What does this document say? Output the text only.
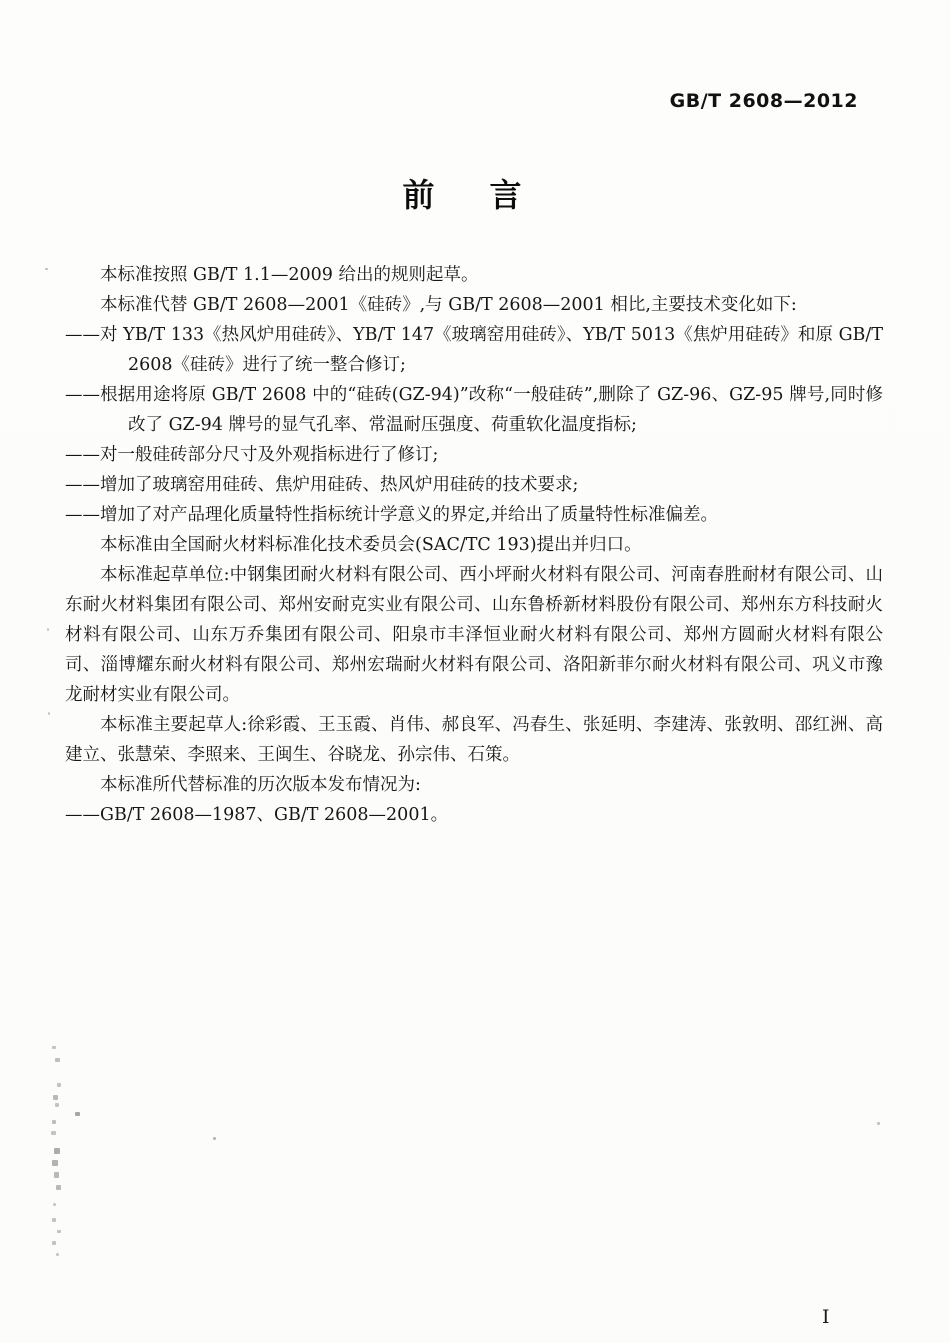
GB/T 2608—2012
前 言
本标准按照 GB/T 1.1—2009 给出的规则起草。
本标准代替 GB/T 2608—2001《硅砖》,与 GB/T 2608—2001 相比,主要技术变化如下:
——对 YB/T 133《热风炉用硅砖》、YB/T 147《玻璃窑用硅砖》、YB/T 5013《焦炉用硅砖》和原 GB/T 2608《硅砖》进行了统一整合修订;
——根据用途将原 GB/T 2608 中的“硅砖(GZ-94)”改称“一般硅砖”,删除了 GZ-96、GZ-95 牌号,同时修改了 GZ-94 牌号的显气孔率、常温耐压强度、荷重软化温度指标;
——对一般硅砖部分尺寸及外观指标进行了修订;
——增加了玻璃窑用硅砖、焦炉用硅砖、热风炉用硅砖的技术要求;
——增加了对产品理化质量特性指标统计学意义的界定,并给出了质量特性标准偏差。
本标准由全国耐火材料标准化技术委员会(SAC/TC 193)提出并归口。
本标准起草单位:中钢集团耐火材料有限公司、西小坪耐火材料有限公司、河南春胜耐材有限公司、山东耐火材料集团有限公司、郑州安耐克实业有限公司、山东鲁桥新材料股份有限公司、郑州东方科技耐火材料有限公司、山东万乔集团有限公司、阳泉市丰泽恒业耐火材料有限公司、郑州方圆耐火材料有限公司、淄博耀东耐火材料有限公司、郑州宏瑞耐火材料有限公司、洛阳新菲尔耐火材料有限公司、巩义市豫龙耐材实业有限公司。
本标准主要起草人:徐彩霞、王玉霞、肖伟、郝良军、冯春生、张延明、李建涛、张敦明、邵红洲、高建立、张慧荣、李照来、王闽生、谷晓龙、孙宗伟、石策。
本标准所代替标准的历次版本发布情况为:
——GB/T 2608—1987、GB/T 2608—2001。
I
